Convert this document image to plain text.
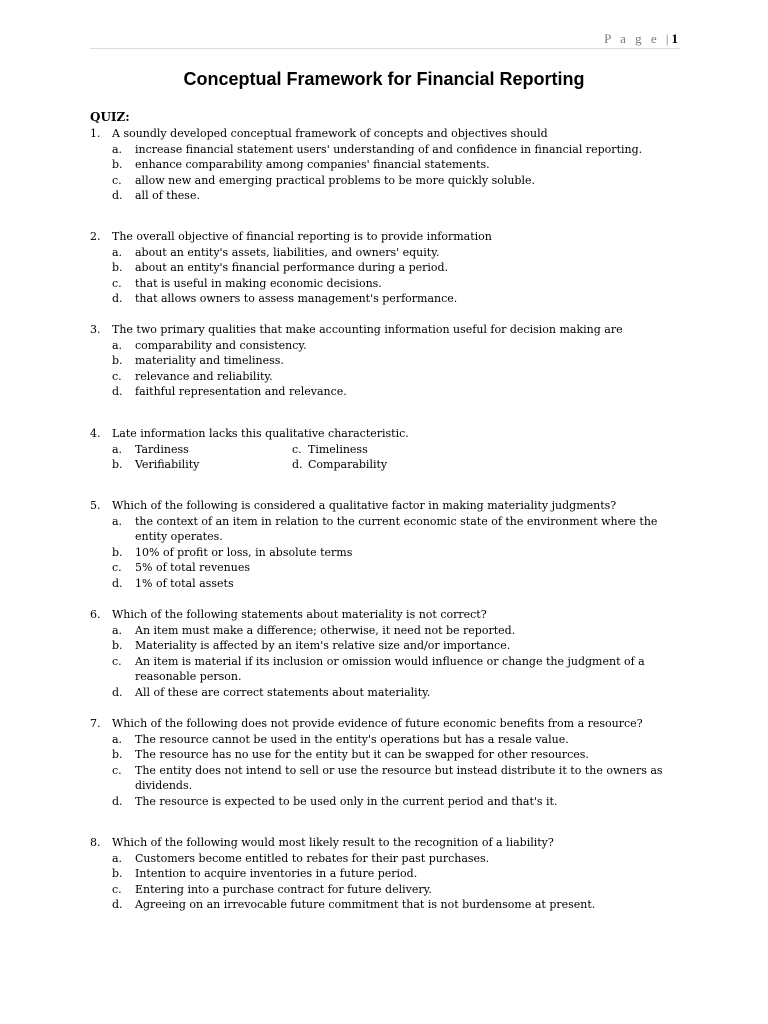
P a g e |1
Conceptual Framework for Financial Reporting
QUIZ:
1.	A soundly developed conceptual framework of concepts and objectives should
a.	increase financial statement users' understanding of and confidence in financial reporting.
b.	enhance comparability among companies' financial statements.
c.	allow new and emerging practical problems to be more quickly soluble.
d.	all of these.
2.	The overall objective of financial reporting is to provide information
a.	about an entity's assets, liabilities, and owners' equity.
b.	about an entity's financial performance during a period.
c.	that is useful in making economic decisions.
d.	that allows owners to assess management's performance.
3.	The two primary qualities that make accounting information useful for decision making are
a.	comparability and consistency.
b.	materiality and timeliness.
c.	relevance and reliability.
d.	faithful representation and relevance.
4.	Late information lacks this qualitative characteristic.
a.	Tardiness	c. Timeliness
b.	Verifiability	d. Comparability
5.	Which of the following is considered a qualitative factor in making materiality judgments?
a.	the context of an item in relation to the current economic state of the environment where the entity operates.
b.	10% of profit or loss, in absolute terms
c.	5% of total revenues
d.	1% of total assets
6.	Which of the following statements about materiality is not correct?
a.	An item must make a difference; otherwise, it need not be reported.
b.	Materiality is affected by an item's relative size and/or importance.
c.	An item is material if its inclusion or omission would influence or change the judgment of a reasonable person.
d.	All of these are correct statements about materiality.
7.	Which of the following does not provide evidence of future economic benefits from a resource?
a.	The resource cannot be used in the entity's operations but has a resale value.
b.	The resource has no use for the entity but it can be swapped for other resources.
c.	The entity does not intend to sell or use the resource but instead distribute it to the owners as dividends.
d.	The resource is expected to be used only in the current period and that's it.
8.	Which of the following would most likely result to the recognition of a liability?
a.	Customers become entitled to rebates for their past purchases.
b.	Intention to acquire inventories in a future period.
c.	Entering into a purchase contract for future delivery.
d.	Agreeing on an irrevocable future commitment that is not burdensome at present.
